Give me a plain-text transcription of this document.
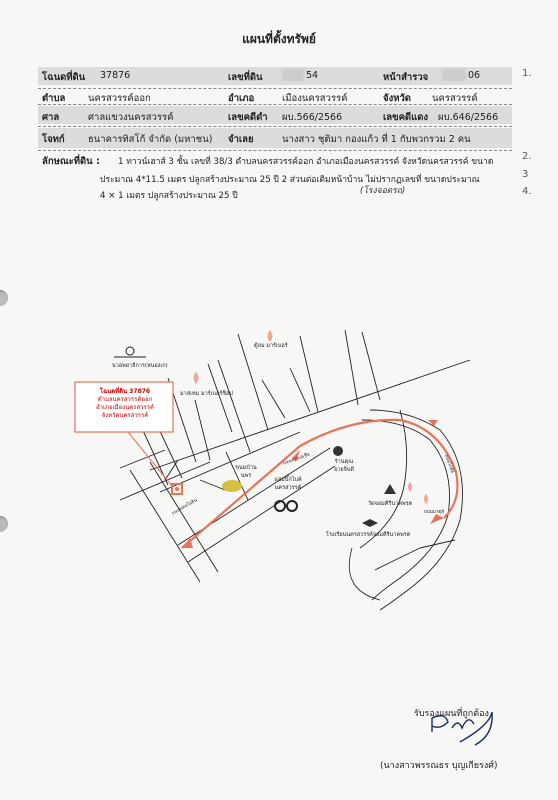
แผนที่ตั้งทรัพย์
โฉนดที่ดิน 37876	เลขที่ดิน	54	หน้าสำรวจ	06
ตำบล นครสวรรค์ออก	อำเภอ	เมืองนครสวรรค์	จังหวัด นครสวรรค์
ศาล	ศาลแขวงนครสวรรค์	เลขคดีดำ ผบ.566/2566	เลขคดีแดง ผบ.646/2566
โจทก์ ธนาคารทิสโก้ จำกัด (มหาชน) จำเลย	นางสาว ชุติมา กองแก้ว ที่ 1 กับพวกรวม 2 คน
ลักษณะที่ดิน : 1 ทาวน์เฮาส์ 3 ชั้น เลขที่ 38/3 ตำบลนครสวรรค์ออก อำเภอเมืองนครสวรรค์ จังหวัดนครสวรรค์ ขนาด
ประมาณ 4*11.5 เมตร ปลูกสร้างประมาณ 25 ปี 2 ส่วนต่อเติมหน้าบ้าน ไม่ปรากฏเลขที่ ขนาดประมาณ
4 × 1 เมตร ปลูกสร้างประมาณ 25 ปี	(โรงจอดรถ)
1.
2.
3
4.
โฉนดที่ดิน 37876
ตำบลนครสวรรค์ออก
อำเภอเมืองนครสวรรค์
จังหวัดนครสวรรค์
นวอพยาลีการ(หนองเก)
ตู้ลม มาร์เบอร์
มาสเทม มาร์เบอร์ช็อป
ขนมบ้าน นพร
แฮมบิ๊กไบค์ นครสวรรค์
ร้านคุณ ยายจิบดี
วัดจอมคีรีนาคพรต
โรงเรียนนครสวรรค์จอมคีรีนาคพรต
ถนนสายเอเชีย
ถนนพหลโยธิน
ถนนโกสีย์
ถนนมาตุลี
รับรองแผนที่ถูกต้อง
(นางสาวพรรณธร บุญเกียรงศ์)
